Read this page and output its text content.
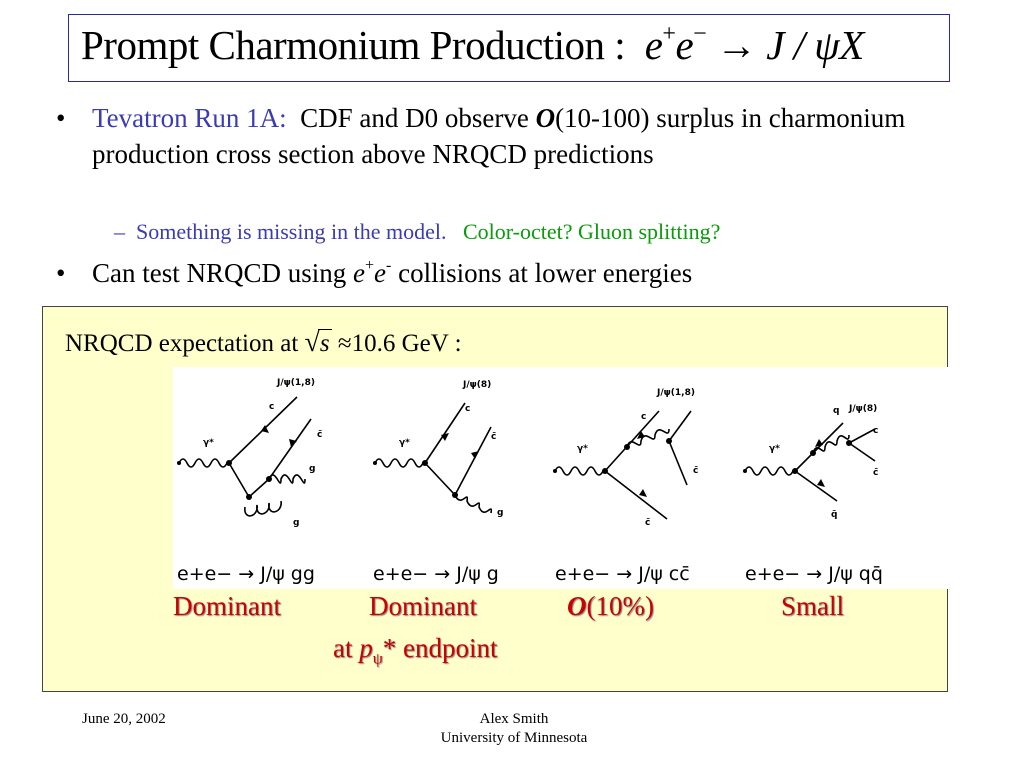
Prompt Charmonium Production : e+e− → J / ψX
• Tevatron Run 1A: CDF and D0 observe O(10-100) surplus in charmonium production cross section above NRQCD predictions
– Something is missing in the model. Color-octet? Gluon splitting?
• Can test NRQCD using e+e- collisions at lower energies
NRQCD expectation at √s ≈10.6 GeV :
J/ψ(1,8)
c
c̄
g
g
γ*
e+e− → J/ψ gg
J/ψ(8)
c
c̄
g
γ*
e+e− → J/ψ g
J/ψ(1,8)
c
c̄
c̄
γ*
e+e− → J/ψ cc̄
J/ψ(8)
q
c
c̄
q̄
γ*
e+e− → J/ψ qq̄
Dominant	Dominant	O(10%)	Small
at $p_\psi*$ endpoint
June 20, 2002	Alex Smith
University of Minnesota
